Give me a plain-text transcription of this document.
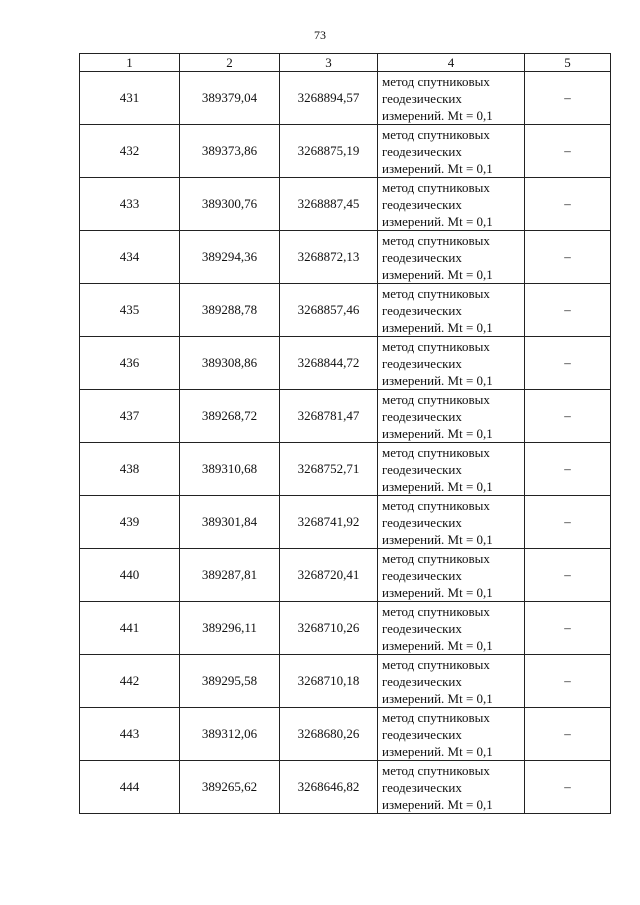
73
1	2	3	4	5
431	389379,04	3268894,57	метод спутниковых геодезических измерений. Mt = 0,1	–
432	389373,86	3268875,19	метод спутниковых геодезических измерений. Mt = 0,1	–
433	389300,76	3268887,45	метод спутниковых геодезических измерений. Mt = 0,1	–
434	389294,36	3268872,13	метод спутниковых геодезических измерений. Mt = 0,1	–
435	389288,78	3268857,46	метод спутниковых геодезических измерений. Mt = 0,1	–
436	389308,86	3268844,72	метод спутниковых геодезических измерений. Mt = 0,1	–
437	389268,72	3268781,47	метод спутниковых геодезических измерений. Mt = 0,1	–
438	389310,68	3268752,71	метод спутниковых геодезических измерений. Mt = 0,1	–
439	389301,84	3268741,92	метод спутниковых геодезических измерений. Mt = 0,1	–
440	389287,81	3268720,41	метод спутниковых геодезических измерений. Mt = 0,1	–
441	389296,11	3268710,26	метод спутниковых геодезических измерений. Mt = 0,1	–
442	389295,58	3268710,18	метод спутниковых геодезических измерений. Mt = 0,1	–
443	389312,06	3268680,26	метод спутниковых геодезических измерений. Mt = 0,1	–
444	389265,62	3268646,82	метод спутниковых геодезических измерений. Mt = 0,1	–
